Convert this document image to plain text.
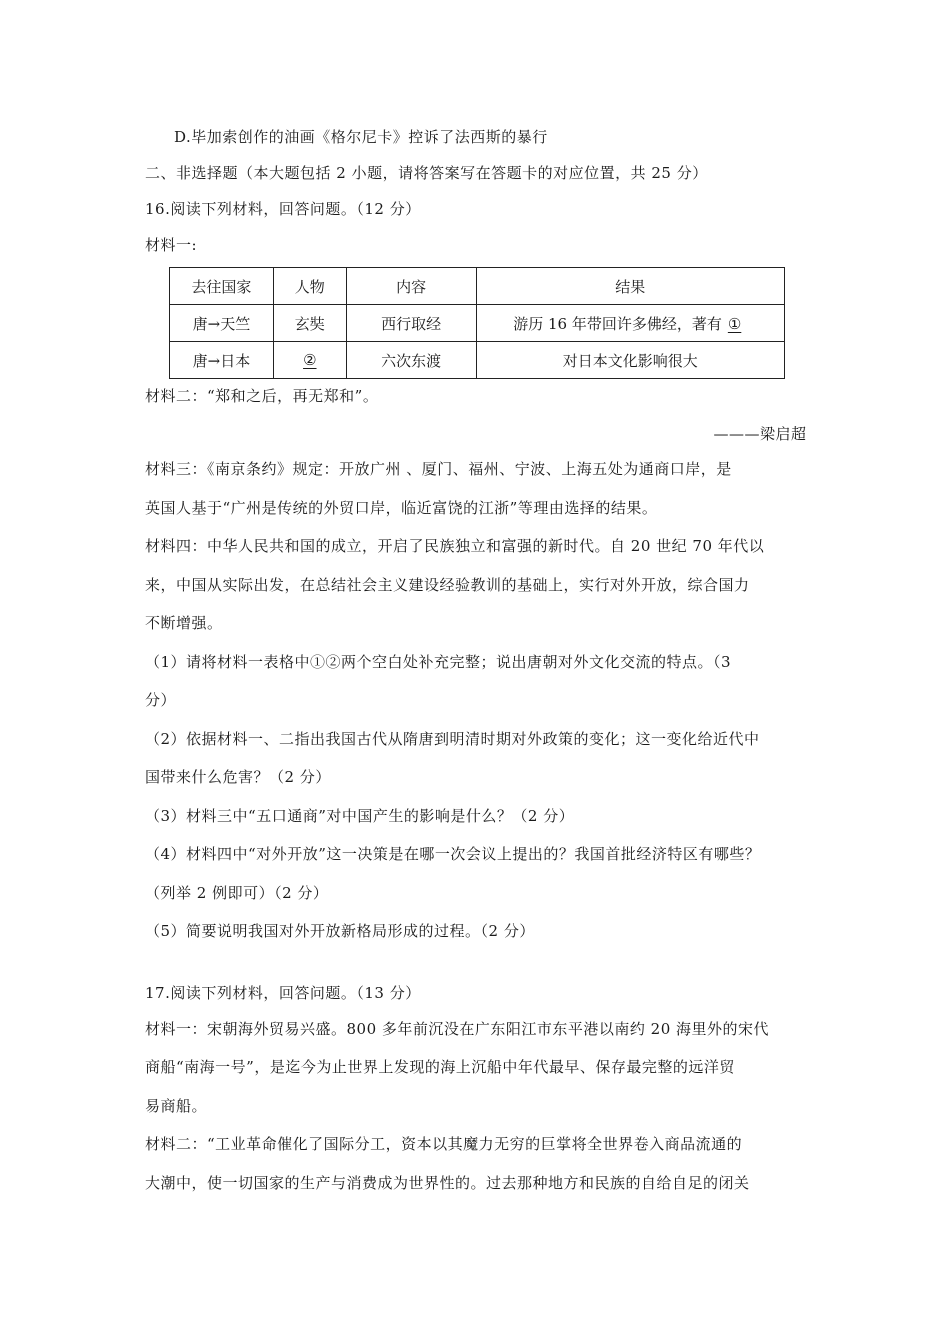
D.毕加索创作的油画《格尔尼卡》控诉了法西斯的暴行
二、非选择题（本大题包括 2 小题，请将答案写在答题卡的对应位置，共 25 分）
16.阅读下列材料，回答问题。（12 分）
材料一:
去往国家	人物	内容	结果
唐→天竺	玄奘	西行取经	游历 16 年带回许多佛经，著有 ①
唐→日本	②	六次东渡	对日本文化影响很大
材料二：“郑和之后，再无郑和”。
———梁启超
材料三：《南京条约》规定：开放广州 、厦门、福州、宁波、上海五处为通商口岸，是
英国人基于“广州是传统的外贸口岸，临近富饶的江浙”等理由选择的结果。
材料四：中华人民共和国的成立，开启了民族独立和富强的新时代。自 20 世纪 70 年代以
来，中国从实际出发，在总结社会主义建设经验教训的基础上，实行对外开放，综合国力
不断增强。
（1）请将材料一表格中①②两个空白处补充完整；说出唐朝对外文化交流的特点。（3
分）
（2）依据材料一、二指出我国古代从隋唐到明清时期对外政策的变化；这一变化给近代中
国带来什么危害？（2 分）
（3）材料三中“五口通商”对中国产生的影响是什么？（2 分）
（4）材料四中“对外开放”这一决策是在哪一次会议上提出的？我国首批经济特区有哪些？
（列举 2 例即可）（2 分）
（5）简要说明我国对外开放新格局形成的过程。（2 分）
17.阅读下列材料，回答问题。（13 分）
材料一：宋朝海外贸易兴盛。800 多年前沉没在广东阳江市东平港以南约 20 海里外的宋代
商船“南海一号”，是迄今为止世界上发现的海上沉船中年代最早、保存最完整的远洋贸
易商船。
材料二：“工业革命催化了国际分工，资本以其魔力无穷的巨掌将全世界卷入商品流通的
大潮中，使一切国家的生产与消费成为世界性的。过去那种地方和民族的自给自足的闭关
